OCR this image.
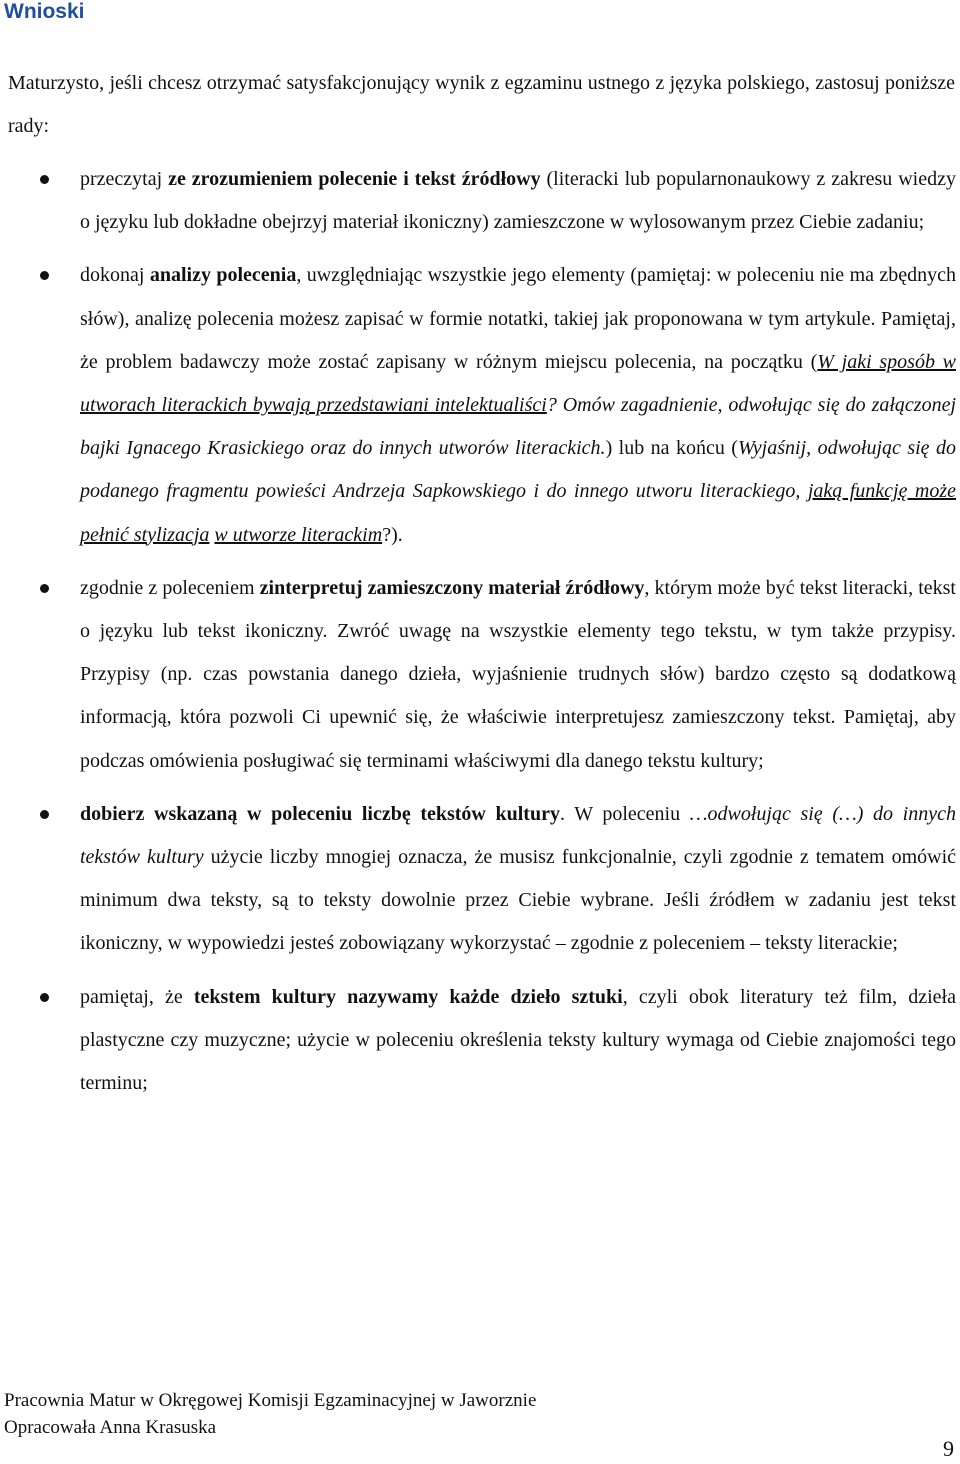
Wnioski

Maturzysto, jeśli chcesz otrzymać satysfakcjonujący wynik z egzaminu ustnego z języka polskiego, zastosuj poniższe rady:

przeczytaj ze zrozumieniem polecenie i tekst źródłowy (literacki lub popularnonaukowy z zakresu wiedzy o języku lub dokładne obejrzyj materiał ikoniczny) zamieszczone w wylosowanym przez Ciebie zadaniu;
dokonaj analizy polecenia, uwzględniając wszystkie jego elementy (pamiętaj: w poleceniu nie ma zbędnych słów), analizę polecenia możesz zapisać w formie notatki, takiej jak proponowana w tym artykule. Pamiętaj, że problem badawczy może zostać zapisany w różnym miejscu polecenia, na początku (W jaki sposób w utworach literackich bywają przedstawiani intelektualiści? Omów zagadnienie, odwołując się do załączonej bajki Ignacego Krasickiego oraz do innych utworów literackich.) lub na końcu (Wyjaśnij, odwołując się do podanego fragmentu powieści Andrzeja Sapkowskiego i do innego utworu literackiego, jaką funkcję może pełnić stylizacja w utworze literackim?).
zgodnie z poleceniem zinterpretuj zamieszczony materiał źródłowy, którym może być tekst literacki, tekst o języku lub tekst ikoniczny. Zwróć uwagę na wszystkie elementy tego tekstu, w tym także przypisy. Przypisy (np. czas powstania danego dzieła, wyjaśnienie trudnych słów) bardzo często są dodatkową informacją, która pozwoli Ci upewnić się, że właściwie interpretujesz zamieszczony tekst. Pamiętaj, aby podczas omówienia posługiwać się terminami właściwymi dla danego tekstu kultury;
dobierz wskazaną w poleceniu liczbę tekstów kultury. W poleceniu …odwołując się (…) do innych tekstów kultury użycie liczby mnogiej oznacza, że musisz funkcjonalnie, czyli zgodnie z tematem omówić minimum dwa teksty, są to teksty dowolnie przez Ciebie wybrane. Jeśli źródłem w zadaniu jest tekst ikoniczny, w wypowiedzi jesteś zobowiązany wykorzystać – zgodnie z poleceniem – teksty literackie;
pamiętaj, że tekstem kultury nazywamy każde dzieło sztuki, czyli obok literatury też film, dzieła plastyczne czy muzyczne; użycie w poleceniu określenia teksty kultury wymaga od Ciebie znajomości tego terminu;
Pracownia Matur w Okręgowej Komisji Egzaminacyjnej w Jaworznie
Opracowała Anna Krasuska
9
